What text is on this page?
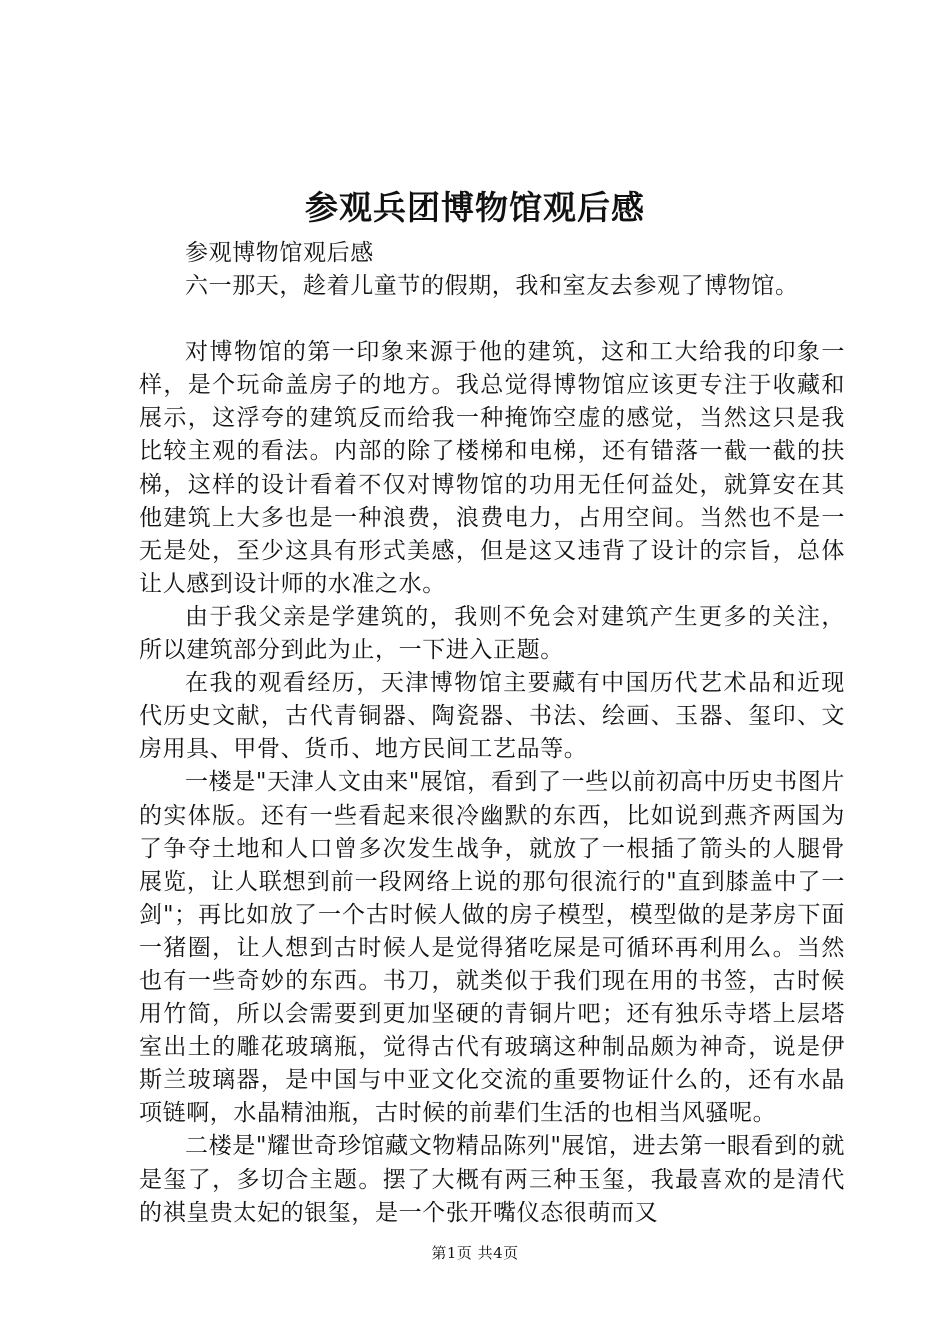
参观兵团博物馆观后感

参观博物馆观后感

六一那天，趁着儿童节的假期，我和室友去参观了博物馆。

对博物馆的第一印象来源于他的建筑，这和工大给我的印象一样，是个玩命盖房子的地方。我总觉得博物馆应该更专注于收藏和展示，这浮夸的建筑反而给我一种掩饰空虚的感觉，当然这只是我比较主观的看法。内部的除了楼梯和电梯，还有错落一截一截的扶梯，这样的设计看着不仅对博物馆的功用无任何益处，就算安在其他建筑上大多也是一种浪费，浪费电力，占用空间。当然也不是一无是处，至少这具有形式美感，但是这又违背了设计的宗旨，总体让人感到设计师的水准之水。

由于我父亲是学建筑的，我则不免会对建筑产生更多的关注，所以建筑部分到此为止，一下进入正题。

在我的观看经历，天津博物馆主要藏有中国历代艺术品和近现代历史文献，古代青铜器、陶瓷器、书法、绘画、玉器、玺印、文房用具、甲骨、货币、地方民间工艺品等。

一楼是"天津人文由来"展馆，看到了一些以前初高中历史书图片的实体版。还有一些看起来很冷幽默的东西，比如说到燕齐两国为了争夺土地和人口曾多次发生战争，就放了一根插了箭头的人腿骨展览，让人联想到前一段网络上说的那句很流行的"直到膝盖中了一剑"；再比如放了一个古时候人做的房子模型，模型做的是茅房下面一猪圈，让人想到古时候人是觉得猪吃屎是可循环再利用么。当然也有一些奇妙的东西。书刀，就类似于我们现在用的书签，古时候用竹简，所以会需要到更加坚硬的青铜片吧；还有独乐寺塔上层塔室出土的雕花玻璃瓶，觉得古代有玻璃这种制品颇为神奇，说是伊斯兰玻璃器，是中国与中亚文化交流的重要物证什么的，还有水晶项链啊，水晶精油瓶，古时候的前辈们生活的也相当风骚呢。

二楼是"耀世奇珍馆藏文物精品陈列"展馆，进去第一眼看到的就是玺了，多切合主题。摆了大概有两三种玉玺，我最喜欢的是清代的祺皇贵太妃的银玺，是一个张开嘴仪态很萌而又

第1页 共4页
